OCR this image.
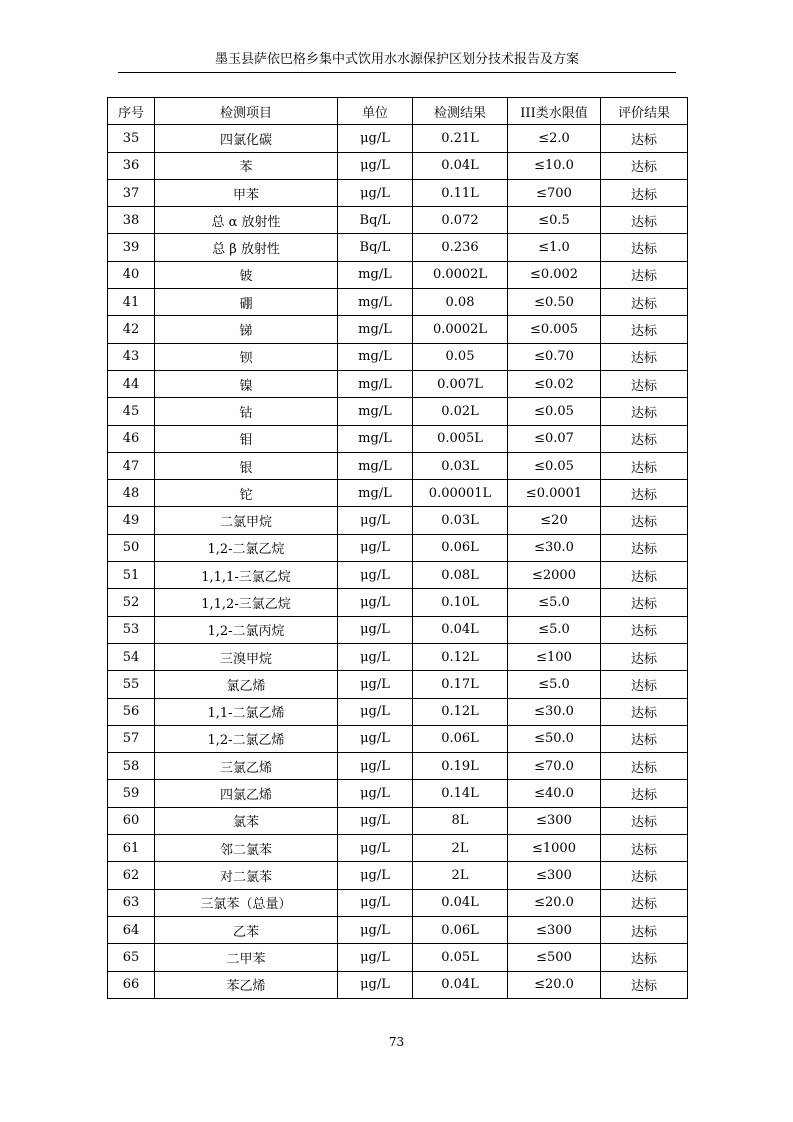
墨玉县萨依巴格乡集中式饮用水水源保护区划分技术报告及方案
序号	检测项目	单位	检测结果	III类水限值	评价结果
35	四氯化碳	μg/L	0.21L	≤2.0	达标
36	苯	μg/L	0.04L	≤10.0	达标
37	甲苯	μg/L	0.11L	≤700	达标
38	总 α 放射性	Bq/L	0.072	≤0.5	达标
39	总 β 放射性	Bq/L	0.236	≤1.0	达标
40	铍	mg/L	0.0002L	≤0.002	达标
41	硼	mg/L	0.08	≤0.50	达标
42	锑	mg/L	0.0002L	≤0.005	达标
43	钡	mg/L	0.05	≤0.70	达标
44	镍	mg/L	0.007L	≤0.02	达标
45	钴	mg/L	0.02L	≤0.05	达标
46	钼	mg/L	0.005L	≤0.07	达标
47	银	mg/L	0.03L	≤0.05	达标
48	铊	mg/L	0.00001L	≤0.0001	达标
49	二氯甲烷	μg/L	0.03L	≤20	达标
50	1,2-二氯乙烷	μg/L	0.06L	≤30.0	达标
51	1,1,1-三氯乙烷	μg/L	0.08L	≤2000	达标
52	1,1,2-三氯乙烷	μg/L	0.10L	≤5.0	达标
53	1,2-二氯丙烷	μg/L	0.04L	≤5.0	达标
54	三溴甲烷	μg/L	0.12L	≤100	达标
55	氯乙烯	μg/L	0.17L	≤5.0	达标
56	1,1-二氯乙烯	μg/L	0.12L	≤30.0	达标
57	1,2-二氯乙烯	μg/L	0.06L	≤50.0	达标
58	三氯乙烯	μg/L	0.19L	≤70.0	达标
59	四氯乙烯	μg/L	0.14L	≤40.0	达标
60	氯苯	μg/L	8L	≤300	达标
61	邻二氯苯	μg/L	2L	≤1000	达标
62	对二氯苯	μg/L	2L	≤300	达标
63	三氯苯（总量）	μg/L	0.04L	≤20.0	达标
64	乙苯	μg/L	0.06L	≤300	达标
65	二甲苯	μg/L	0.05L	≤500	达标
66	苯乙烯	μg/L	0.04L	≤20.0	达标
73
